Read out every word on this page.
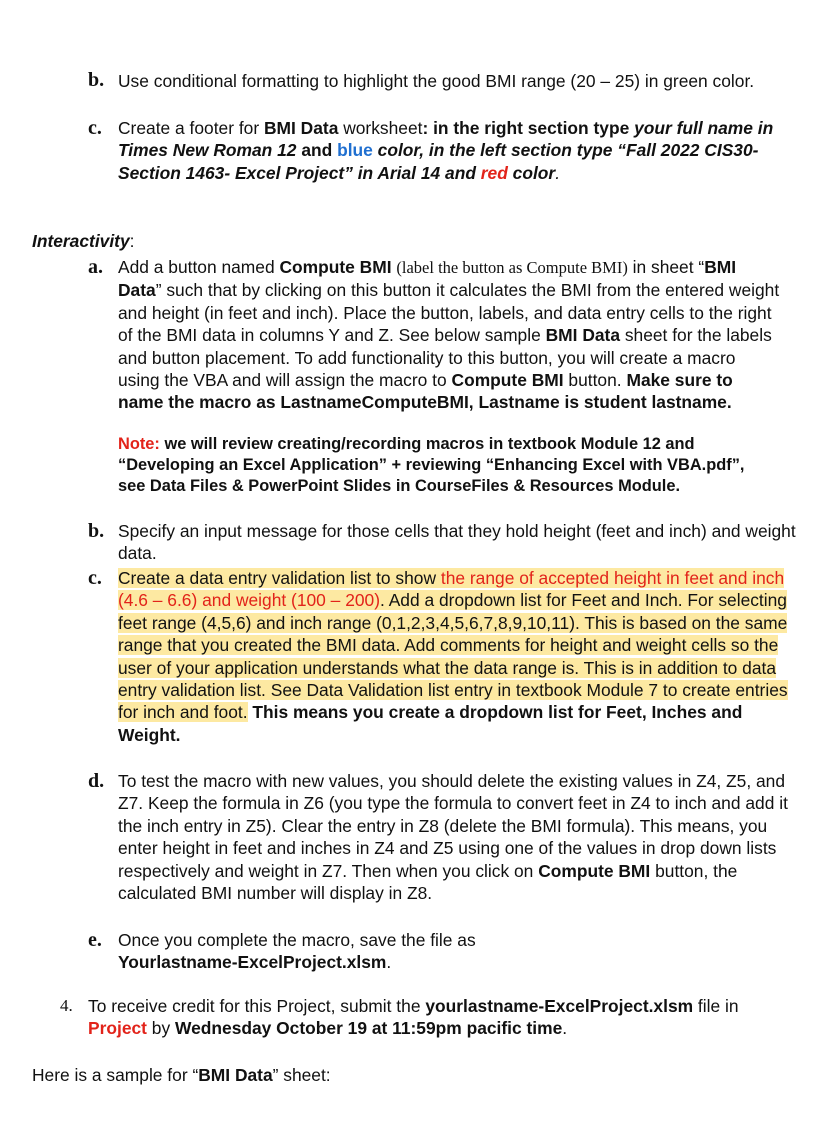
b. Use conditional formatting to highlight the good BMI range (20 – 25) in green color.
c. Create a footer for BMI Data worksheet: in the right section type your full name in Times New Roman 12 and blue color, in the left section type “Fall 2022 CIS30-Section 1463- Excel Project” in Arial 14 and red color.
Interactivity:
a. Add a button named Compute BMI (label the button as Compute BMI) in sheet “BMI Data” such that by clicking on this button it calculates the BMI from the entered weight and height (in feet and inch). Place the button, labels, and data entry cells to the right of the BMI data in columns Y and Z. See below sample BMI Data sheet for the labels and button placement. To add functionality to this button, you will create a macro using the VBA and will assign the macro to Compute BMI button. Make sure to name the macro as LastnameComputeBMI, Lastname is student lastname.
Note: we will review creating/recording macros in textbook Module 12 and “Developing an Excel Application” + reviewing “Enhancing Excel with VBA.pdf”, see Data Files & PowerPoint Slides in CourseFiles & Resources Module.
b. Specify an input message for those cells that they hold height (feet and inch) and weight data.
c. Create a data entry validation list to show the range of accepted height in feet and inch (4.6 – 6.6) and weight (100 – 200). Add a dropdown list for Feet and Inch. For selecting feet range (4,5,6) and inch range (0,1,2,3,4,5,6,7,8,9,10,11). This is based on the same range that you created the BMI data. Add comments for height and weight cells so the user of your application understands what the data range is. This is in addition to data entry validation list. See Data Validation list entry in textbook Module 7 to create entries for inch and foot. This means you create a dropdown list for Feet, Inches and Weight.
d. To test the macro with new values, you should delete the existing values in Z4, Z5, and Z7. Keep the formula in Z6 (you type the formula to convert feet in Z4 to inch and add it the inch entry in Z5). Clear the entry in Z8 (delete the BMI formula). This means, you enter height in feet and inches in Z4 and Z5 using one of the values in drop down lists respectively and weight in Z7. Then when you click on Compute BMI button, the calculated BMI number will display in Z8.
e. Once you complete the macro, save the file as
Yourlastname-ExcelProject.xlsm.
4. To receive credit for this Project, submit the yourlastname-ExcelProject.xlsm file in Project by Wednesday October 19 at 11:59pm pacific time.
Here is a sample for “BMI Data” sheet:
